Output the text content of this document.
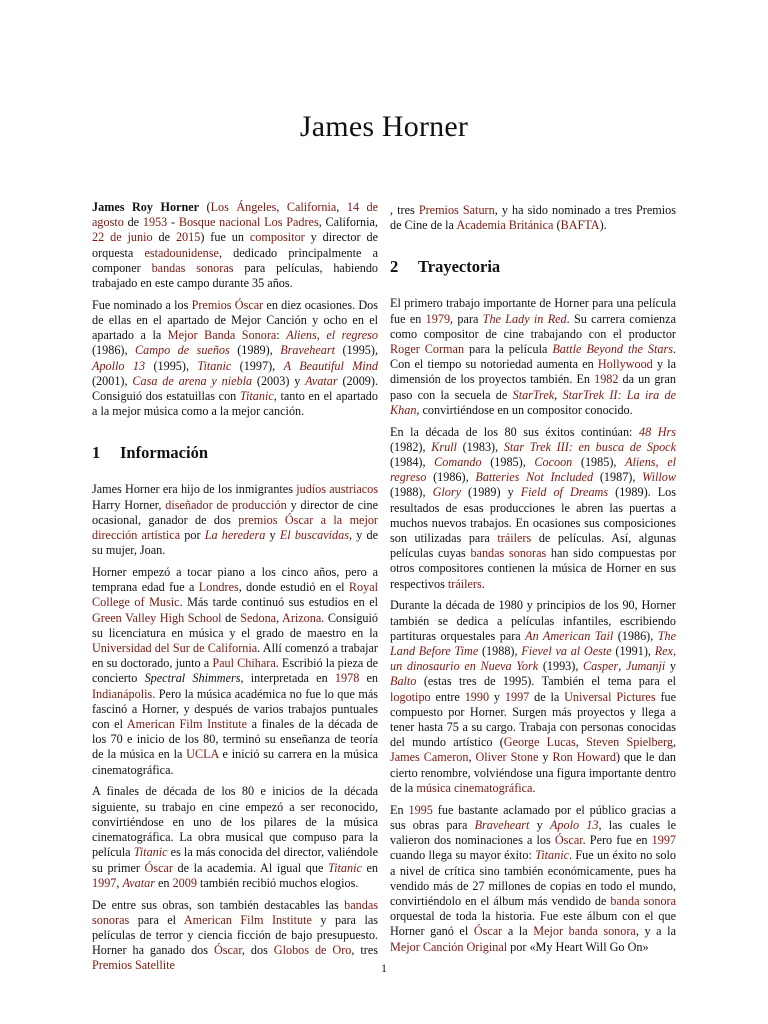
James Horner

James Roy Horner (Los Ángeles, California, 14 de agosto de 1953 - Bosque nacional Los Padres, California, 22 de junio de 2015) fue un compositor y director de orquesta estadounidense, dedicado principalmente a componer bandas sonoras para películas, habiendo trabajado en este campo durante 35 años.

Fue nominado a los Premios Óscar en diez ocasiones. Dos de ellas en el apartado de Mejor Canción y ocho en el apartado a la Mejor Banda Sonora: Aliens, el regreso (1986), Campo de sueños (1989), Braveheart (1995), Apollo 13 (1995), Titanic (1997), A Beautiful Mind (2001), Casa de arena y niebla (2003) y Avatar (2009). Consiguió dos estatuillas con Titanic, tanto en el apartado a la mejor música como a la mejor canción.

1 Información

James Horner era hijo de los inmigrantes judíos austriacos Harry Horner, diseñador de producción y director de cine ocasional, ganador de dos premios Óscar a la mejor dirección artística por La heredera y El buscavidas, y de su mujer, Joan.

Horner empezó a tocar piano a los cinco años, pero a temprana edad fue a Londres, donde estudió en el Royal College of Music. Más tarde continuó sus estudios en el Green Valley High School de Sedona, Arizona. Consiguió su licenciatura en música y el grado de maestro en la Universidad del Sur de California. Allí comenzó a trabajar en su doctorado, junto a Paul Chihara. Escribió la pieza de concierto Spectral Shimmers, interpretada en 1978 en Indianápolis. Pero la música académica no fue lo que más fascinó a Horner, y después de varios trabajos puntuales con el American Film Institute a finales de la década de los 70 e inicio de los 80, terminó su enseñanza de teoría de la música en la UCLA e inició su carrera en la música cinematográfica.

A finales de década de los 80 e inicios de la década siguiente, su trabajo en cine empezó a ser reconocido, convirtiéndose en uno de los pilares de la música cinematográfica. La obra musical que compuso para la película Titanic es la más conocida del director, valiéndole su primer Óscar de la academia. Al igual que Titanic en 1997, Avatar en 2009 también recibió muchos elogios.

De entre sus obras, son también destacables las bandas sonoras para el American Film Institute y para las películas de terror y ciencia ficción de bajo presupuesto. Horner ha ganado dos Óscar, dos Globos de Oro, tres Premios Satellite

, tres Premios Saturn, y ha sido nominado a tres Premios de Cine de la Academia Británica (BAFTA).

2 Trayectoria

El primero trabajo importante de Horner para una película fue en 1979, para The Lady in Red. Su carrera comienza como compositor de cine trabajando con el productor Roger Corman para la película Battle Beyond the Stars. Con el tiempo su notoriedad aumenta en Hollywood y la dimensión de los proyectos también. En 1982 da un gran paso con la secuela de StarTrek, StarTrek II: La ira de Khan, convirtiéndose en un compositor conocido.

En la década de los 80 sus éxitos continúan: 48 Hrs (1982), Krull (1983), Star Trek III: en busca de Spock (1984), Comando (1985), Cocoon (1985), Aliens, el regreso (1986), Batteries Not Included (1987), Willow (1988), Glory (1989) y Field of Dreams (1989). Los resultados de esas producciones le abren las puertas a muchos nuevos trabajos. En ocasiones sus composiciones son utilizadas para tráilers de películas. Así, algunas películas cuyas bandas sonoras han sido compuestas por otros compositores contienen la música de Horner en sus respectivos tráilers.

Durante la década de 1980 y principios de los 90, Horner también se dedica a películas infantiles, escribiendo partituras orquestales para An American Tail (1986), The Land Before Time (1988), Fievel va al Oeste (1991), Rex, un dinosaurio en Nueva York (1993), Casper, Jumanji y Balto (estas tres de 1995). También el tema para el logotipo entre 1990 y 1997 de la Universal Pictures fue compuesto por Horner. Surgen más proyectos y llega a tener hasta 75 a su cargo. Trabaja con personas conocidas del mundo artístico (George Lucas, Steven Spielberg, James Cameron, Oliver Stone y Ron Howard) que le dan cierto renombre, volviéndose una figura importante dentro de la música cinematográfica.

En 1995 fue bastante aclamado por el público gracias a sus obras para Braveheart y Apolo 13, las cuales le valieron dos nominaciones a los Óscar. Pero fue en 1997 cuando llega su mayor éxito: Titanic. Fue un éxito no solo a nivel de crítica sino también económicamente, pues ha vendido más de 27 millones de copias en todo el mundo, convirtiéndolo en el álbum más vendido de banda sonora orquestal de toda la historia. Fue este álbum con el que Horner ganó el Óscar a la Mejor banda sonora, y a la Mejor Canción Original por «My Heart Will Go On»

1
